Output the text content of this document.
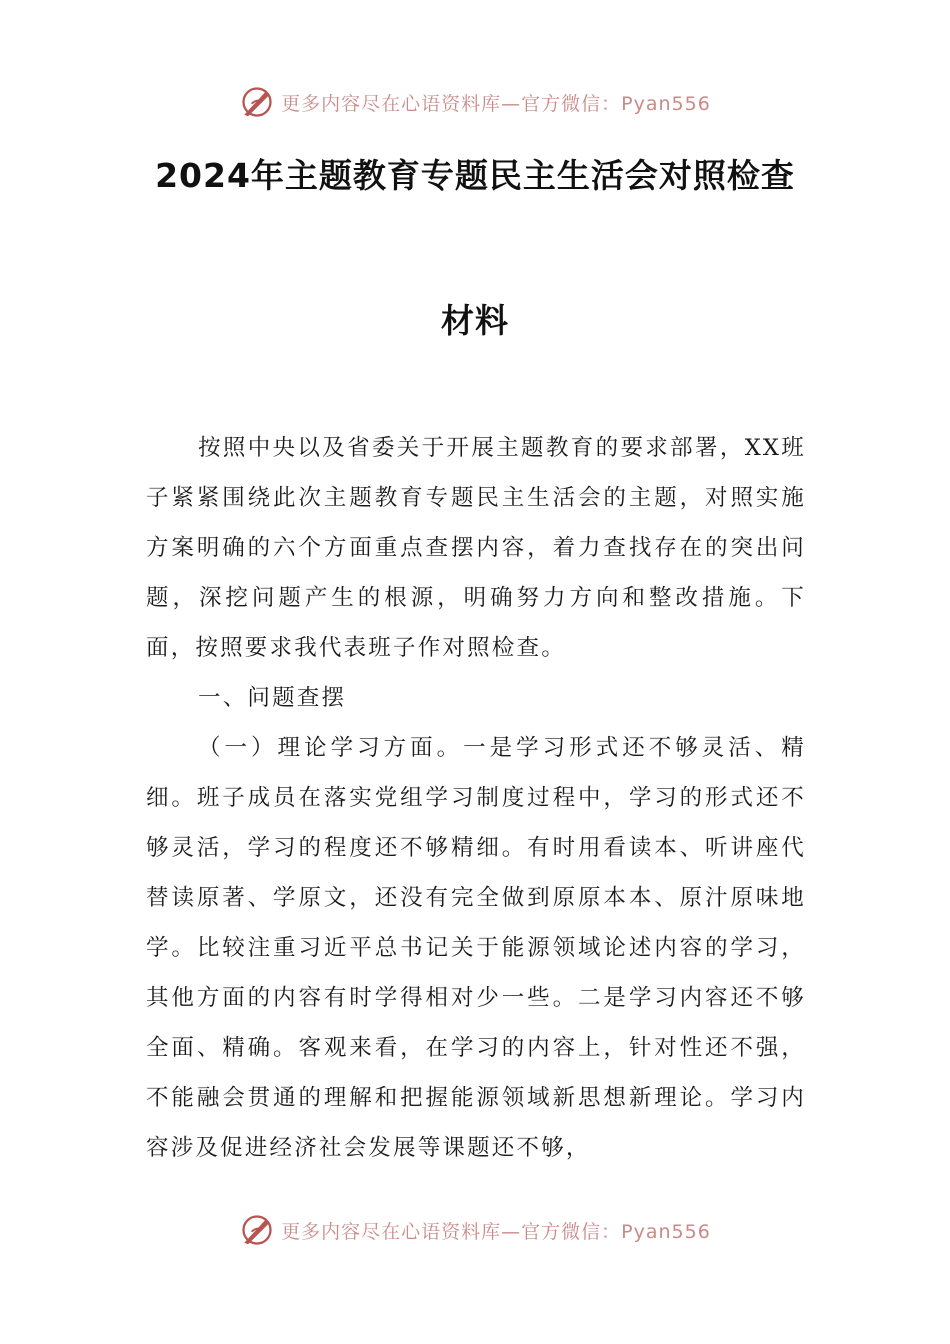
更多内容尽在心语资料库—官方微信：Pyan556
2024年主题教育专题民主生活会对照检查
材料

按照中央以及省委关于开展主题教育的要求部署，XX班子紧紧围绕此次主题教育专题民主生活会的主题，对照实施方案明确的六个方面重点查摆内容，着力查找存在的突出问题，深挖问题产生的根源，明确努力方向和整改措施。下面，按照要求我代表班子作对照检查。

一、问题查摆

（一）理论学习方面。一是学习形式还不够灵活、精细。班子成员在落实党组学习制度过程中，学习的形式还不够灵活，学习的程度还不够精细。有时用看读本、听讲座代替读原著、学原文，还没有完全做到原原本本、原汁原味地学。比较注重习近平总书记关于能源领域论述内容的学习，其他方面的内容有时学得相对少一些。二是学习内容还不够全面、精确。客观来看，在学习的内容上，针对性还不强，不能融会贯通的理解和把握能源领域新思想新理论。学习内容涉及促进经济社会发展等课题还不够，

更多内容尽在心语资料库—官方微信：Pyan556
